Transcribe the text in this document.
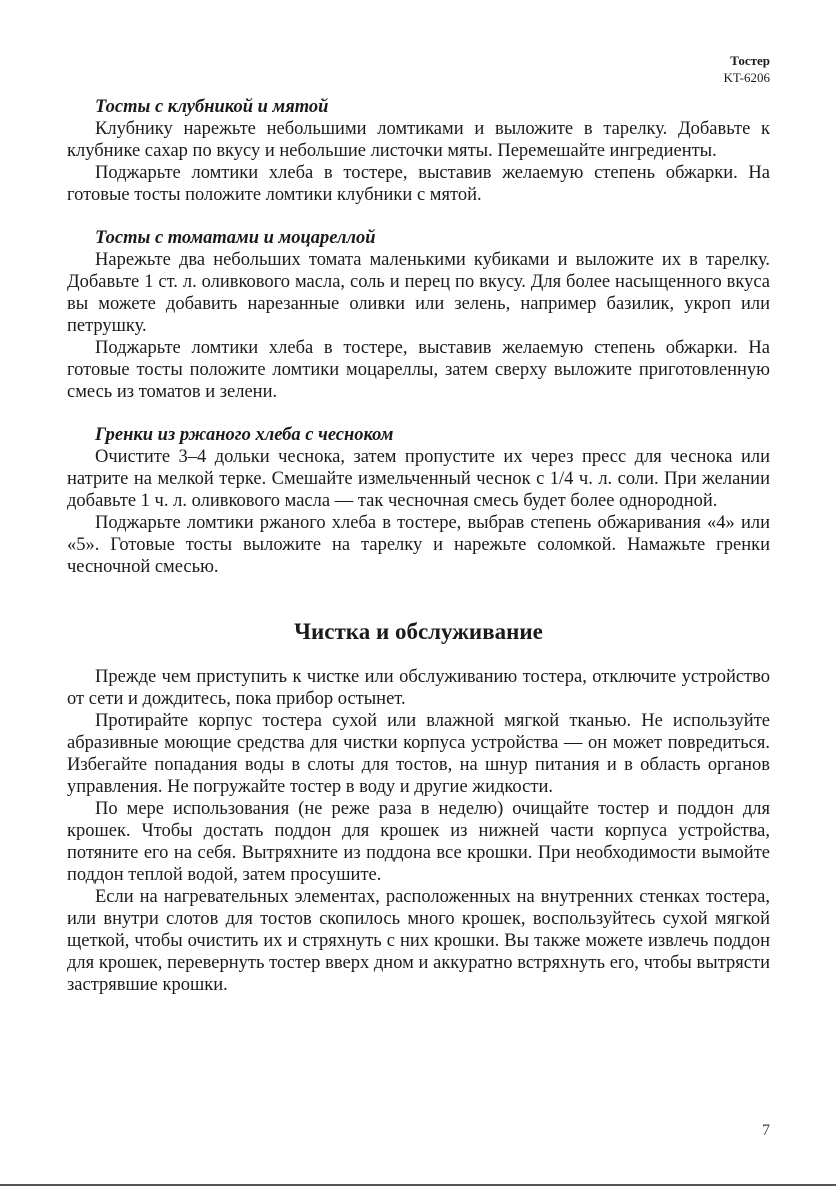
Тостер
KT-6206
Тосты с клубникой и мятой

Клубнику нарежьте небольшими ломтиками и выложите в тарелку. Добавьте к клубнике сахар по вкусу и небольшие листочки мяты. Перемешайте ингредиенты.

Поджарьте ломтики хлеба в тостере, выставив желаемую степень обжарки. На готовые тосты положите ломтики клубники с мятой.

Тосты с томатами и моцареллой

Нарежьте два небольших томата маленькими кубиками и выложите их в тарелку. Добавьте 1 ст. л. оливкового масла, соль и перец по вкусу. Для более насыщенного вкуса вы можете добавить нарезанные оливки или зелень, например базилик, укроп или петрушку.

Поджарьте ломтики хлеба в тостере, выставив желаемую степень обжарки. На готовые тосты положите ломтики моцареллы, затем сверху выложите приготовленную смесь из томатов и зелени.

Гренки из ржаного хлеба с чесноком

Очистите 3–4 дольки чеснока, затем пропустите их через пресс для чеснока или натрите на мелкой терке. Смешайте измельченный чеснок с 1/4 ч. л. соли. При желании добавьте 1 ч. л. оливкового масла — так чесночная смесь будет более однородной.

Поджарьте ломтики ржаного хлеба в тостере, выбрав степень обжаривания «4» или «5». Готовые тосты выложите на тарелку и нарежьте соломкой. Намажьте гренки чесночной смесью.

Чистка и обслуживание

Прежде чем приступить к чистке или обслуживанию тостера, отключите устройство от сети и дождитесь, пока прибор остынет.

Протирайте корпус тостера сухой или влажной мягкой тканью. Не используйте абразивные моющие средства для чистки корпуса устройства — он может повредиться. Избегайте попадания воды в слоты для тостов, на шнур питания и в область органов управления. Не погружайте тостер в воду и другие жидкости.

По мере использования (не реже раза в неделю) очищайте тостер и поддон для крошек. Чтобы достать поддон для крошек из нижней части корпуса устройства, потяните его на себя. Вытряхните из поддона все крошки. При необходимости вымойте поддон теплой водой, затем просушите.

Если на нагревательных элементах, расположенных на внутренних стенках тостера, или внутри слотов для тостов скопилось много крошек, воспользуйтесь сухой мягкой щеткой, чтобы очистить их и стряхнуть с них крошки. Вы также можете извлечь поддон для крошек, перевернуть тостер вверх дном и аккуратно встряхнуть его, чтобы вытрясти застрявшие крошки.

7
